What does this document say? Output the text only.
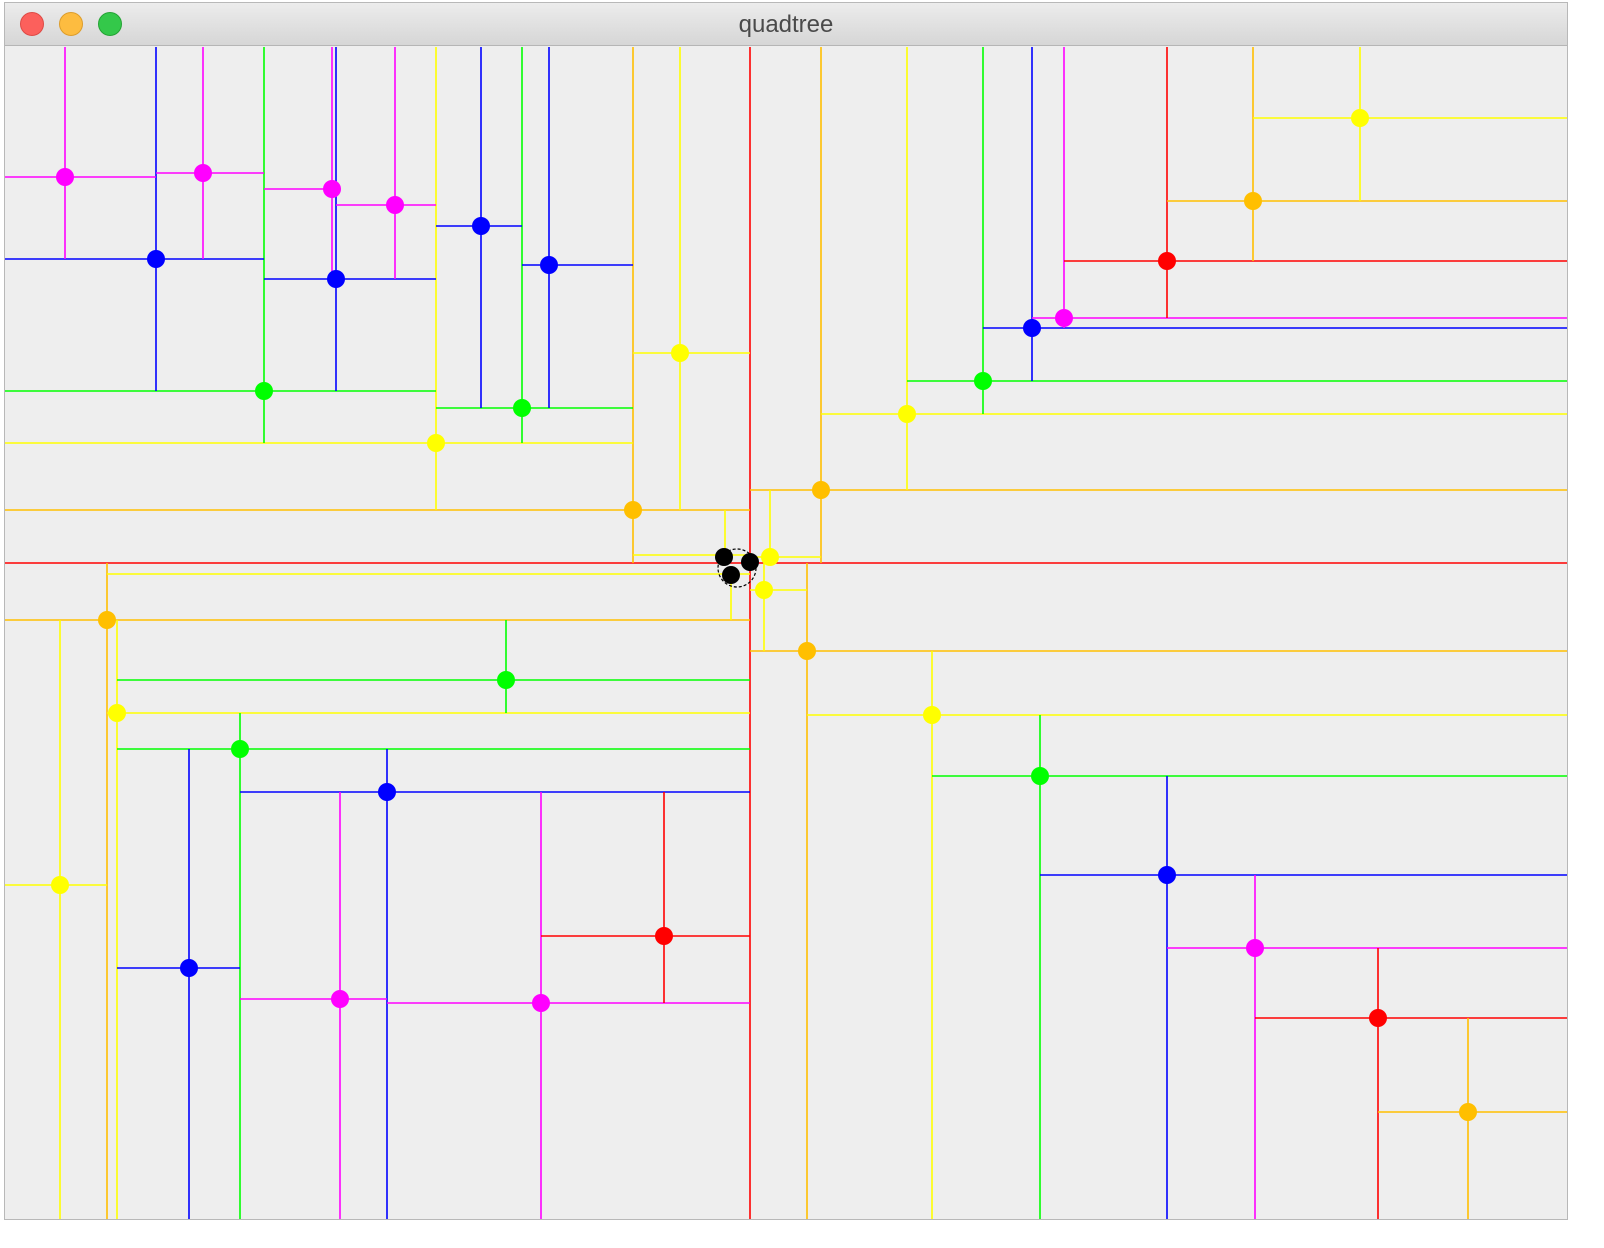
quadtree
